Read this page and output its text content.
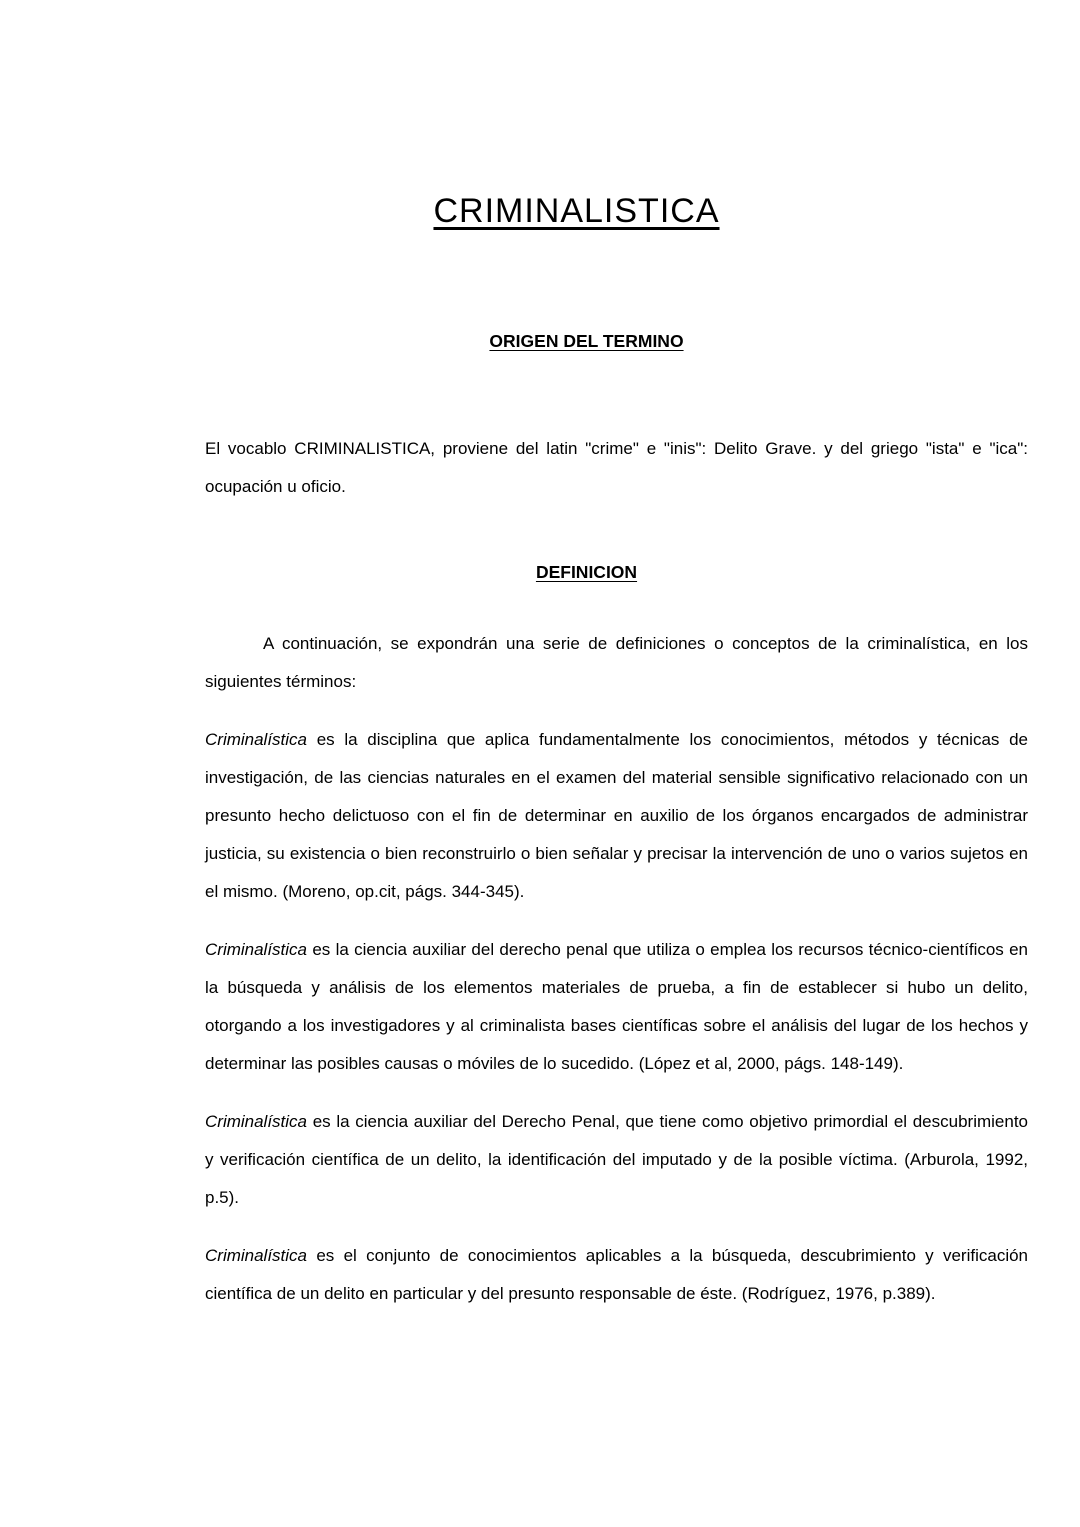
CRIMINALISTICA
ORIGEN DEL TERMINO

El vocablo CRIMINALISTICA, proviene del latin "crime" e "inis": Delito Grave. y del griego "ista" e "ica": ocupación u oficio.

DEFINICION

A continuación, se expondrán una serie de definiciones o conceptos de la criminalística, en los siguientes términos:

Criminalística es la disciplina que aplica fundamentalmente los conocimientos, métodos y técnicas de investigación, de las ciencias naturales en el examen del material sensible significativo relacionado con un presunto hecho delictuoso con el fin de determinar en auxilio de los órganos encargados de administrar justicia, su existencia o bien reconstruirlo o bien señalar y precisar la intervención de uno o varios sujetos en el mismo. (Moreno, op.cit, págs. 344-345).

Criminalística es la ciencia auxiliar del derecho penal que utiliza o emplea los recursos técnico-científicos en la búsqueda y análisis de los elementos materiales de prueba, a fin de establecer si hubo un delito, otorgando a los investigadores y al criminalista bases científicas sobre el análisis del lugar de los hechos y determinar las posibles causas o móviles de lo sucedido. (López et al, 2000, págs. 148-149).

Criminalística es la ciencia auxiliar del Derecho Penal, que tiene como objetivo primordial el descubrimiento y verificación científica de un delito, la identificación del imputado y de la posible víctima. (Arburola, 1992, p.5).

Criminalística es el conjunto de conocimientos aplicables a la búsqueda, descubrimiento y verificación científica de un delito en particular y del presunto responsable de éste. (Rodríguez, 1976, p.389).
